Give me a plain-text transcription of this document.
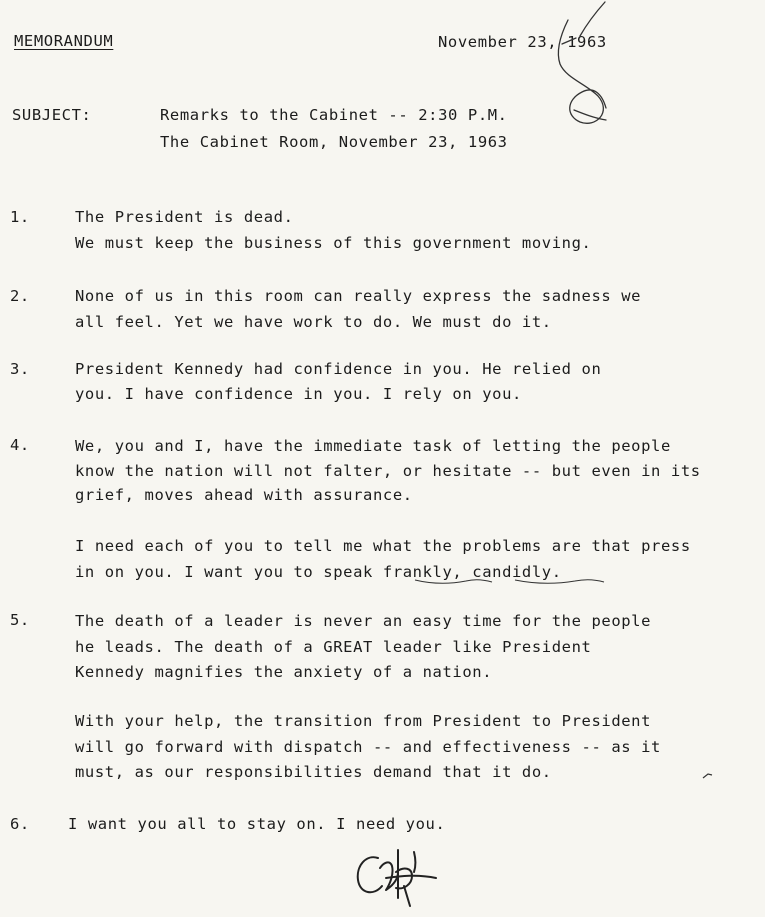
MEMORANDUM	November 23, 1963
SUBJECT:	Remarks to the Cabinet -- 2:30 P.M.
The Cabinet Room, November 23, 1963
1.	The President is dead.
We must keep the business of this government moving.
2.	None of us in this room can really express the sadness we
all feel. Yet we have work to do. We must do it.
3.	President Kennedy had confidence in you. He relied on
you. I have confidence in you. I rely on you.
4.	We, you and I, have the immediate task of letting the people
know the nation will not falter, or hesitate -- but even in its
grief, moves ahead with assurance.
I need each of you to tell me what the problems are that press
in on you. I want you to speak frankly, candidly.
5.	The death of a leader is never an easy time for the people
he leads. The death of a GREAT leader like President
Kennedy magnifies the anxiety of a nation.
With your help, the transition from President to President
will go forward with dispatch -- and effectiveness -- as it
must, as our responsibilities demand that it do.
6. I want you all to stay on. I need you.
